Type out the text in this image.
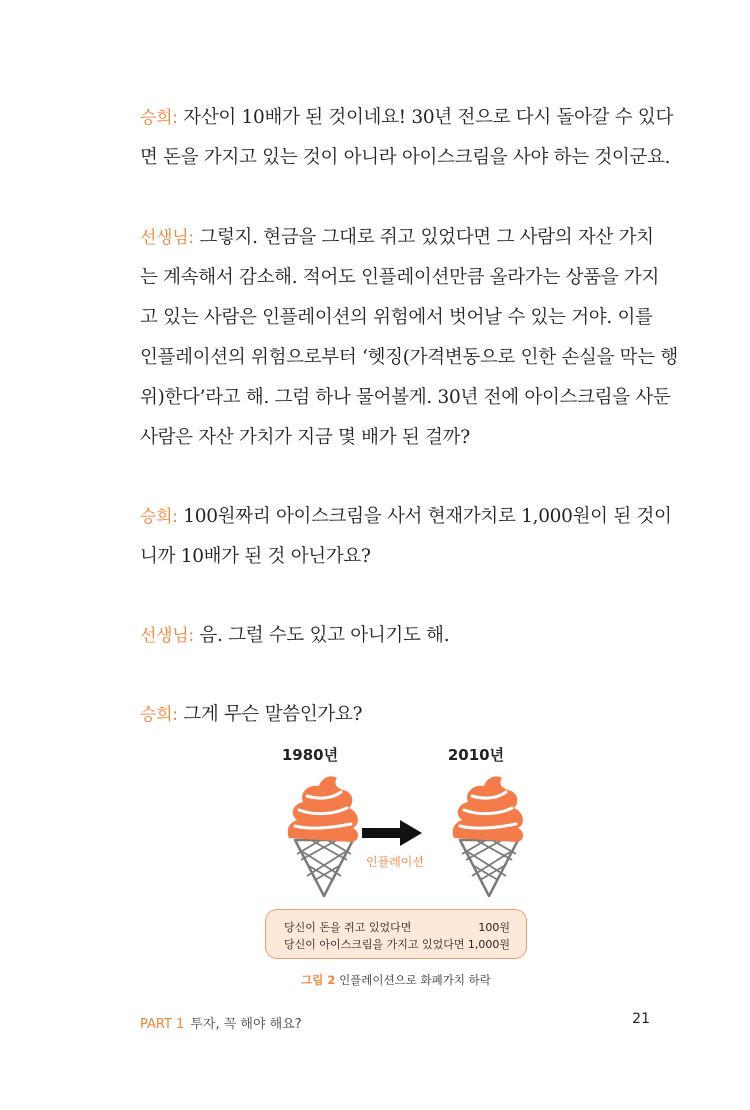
승희: 자산이 10배가 된 것이네요! 30년 전으로 다시 돌아갈 수 있다
면 돈을 가지고 있는 것이 아니라 아이스크림을 사야 하는 것이군요.
선생님: 그렇지. 현금을 그대로 쥐고 있었다면 그 사람의 자산 가치
는 계속해서 감소해. 적어도 인플레이션만큼 올라가는 상품을 가지
고 있는 사람은 인플레이션의 위험에서 벗어날 수 있는 거야. 이를
인플레이션의 위험으로부터 ‘헷징(가격변동으로 인한 손실을 막는 행
위)한다’라고 해. 그럼 하나 물어볼게. 30년 전에 아이스크림을 사둔
사람은 자산 가치가 지금 몇 배가 된 걸까?
승희: 100원짜리 아이스크림을 사서 현재가치로 1,000원이 된 것이
니까 10배가 된 것 아닌가요?
선생님: 음. 그럴 수도 있고 아니기도 해.
승희: 그게 무슨 말씀인가요?
1980년	2010년
인플레이션
당신이 돈을 쥐고 있었다면	100원
당신이 아이스크림을 가지고 있었다면 1,000원
그림 2 인플레이션으로 화폐가치 하락
PART 1 투자, 꼭 해야 해요?	21
